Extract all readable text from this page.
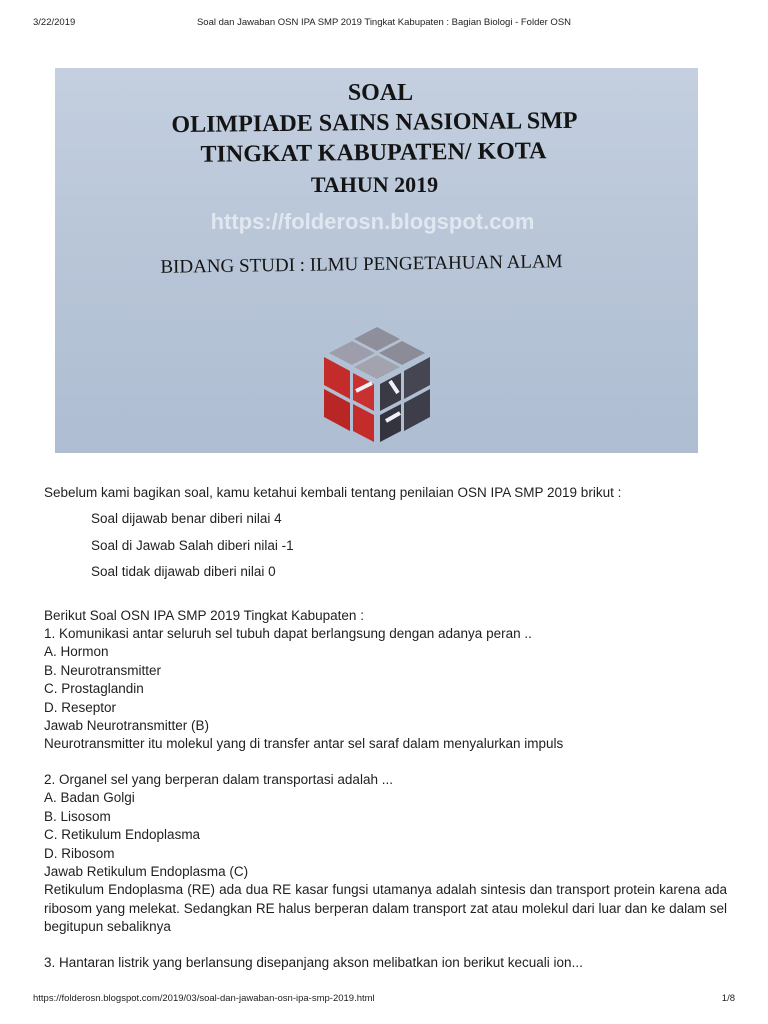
3/22/2019	Soal dan Jawaban OSN IPA SMP 2019 Tingkat Kabupaten : Bagian Biologi - Folder OSN
SOAL
OLIMPIADE SAINS NASIONAL SMP
TINGKAT KABUPATEN/ KOTA
TAHUN 2019
https://folderosn.blogspot.com
BIDANG STUDI : ILMU PENGETAHUAN ALAM

Sebelum kami bagikan soal, kamu ketahui kembali tentang penilaian OSN IPA SMP 2019 brikut :

Soal dijawab benar diberi nilai 4

Soal di Jawab Salah diberi nilai -1

Soal tidak dijawab diberi nilai 0

Berikut Soal OSN IPA SMP 2019 Tingkat Kabupaten :

1. Komunikasi antar seluruh sel tubuh dapat berlangsung dengan adanya peran ..

A. Hormon

B. Neurotransmitter

C. Prostaglandin

D. Reseptor

Jawab Neurotransmitter (B)

Neurotransmitter itu molekul yang di transfer antar sel saraf dalam menyalurkan impuls

2. Organel sel yang berperan dalam transportasi adalah ...

A. Badan Golgi

B. Lisosom

C. Retikulum Endoplasma

D. Ribosom

Jawab Retikulum Endoplasma (C)

Retikulum Endoplasma (RE) ada dua RE kasar fungsi utamanya adalah sintesis dan transport protein karena ada ribosom yang melekat. Sedangkan RE halus berperan dalam transport zat atau molekul dari luar dan ke dalam sel begitupun sebaliknya

3. Hantaran listrik yang berlansung disepanjang akson melibatkan ion berikut kecuali ion...

https://folderosn.blogspot.com/2019/03/soal-dan-jawaban-osn-ipa-smp-2019.html	1/8
